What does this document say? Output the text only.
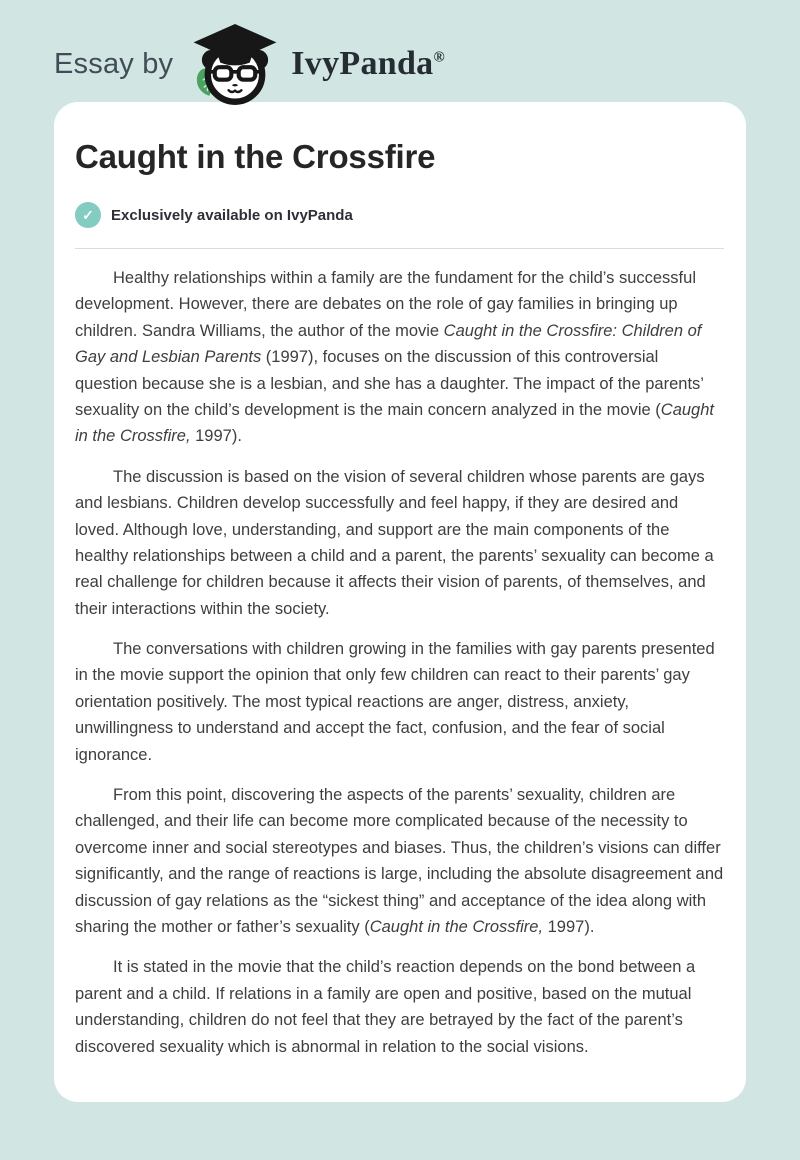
Essay by	IvyPanda®
Caught in the Crossfire
✓	Exclusively available on IvyPanda

Healthy relationships within a family are the fundament for the child’s successful development. However, there are debates on the role of gay families in bringing up children. Sandra Williams, the author of the movie Caught in the Crossfire: Children of Gay and Lesbian Parents (1997), focuses on the discussion of this controversial question because she is a lesbian, and she has a daughter. The impact of the parents’ sexuality on the child’s development is the main concern analyzed in the movie (Caught in the Crossfire, 1997).

The discussion is based on the vision of several children whose parents are gays and lesbians. Children develop successfully and feel happy, if they are desired and loved. Although love, understanding, and support are the main components of the healthy relationships between a child and a parent, the parents’ sexuality can become a real challenge for children because it affects their vision of parents, of themselves, and their interactions within the society.

The conversations with children growing in the families with gay parents presented in the movie support the opinion that only few children can react to their parents’ gay orientation positively. The most typical reactions are anger, distress, anxiety, unwillingness to understand and accept the fact, confusion, and the fear of social ignorance.

From this point, discovering the aspects of the parents’ sexuality, children are challenged, and their life can become more complicated because of the necessity to overcome inner and social stereotypes and biases. Thus, the children’s visions can differ significantly, and the range of reactions is large, including the absolute disagreement and discussion of gay relations as the “sickest thing” and acceptance of the idea along with sharing the mother or father’s sexuality (Caught in the Crossfire, 1997).

It is stated in the movie that the child’s reaction depends on the bond between a parent and a child. If relations in a family are open and positive, based on the mutual understanding, children do not feel that they are betrayed by the fact of the parent’s discovered sexuality which is abnormal in relation to the social visions.
